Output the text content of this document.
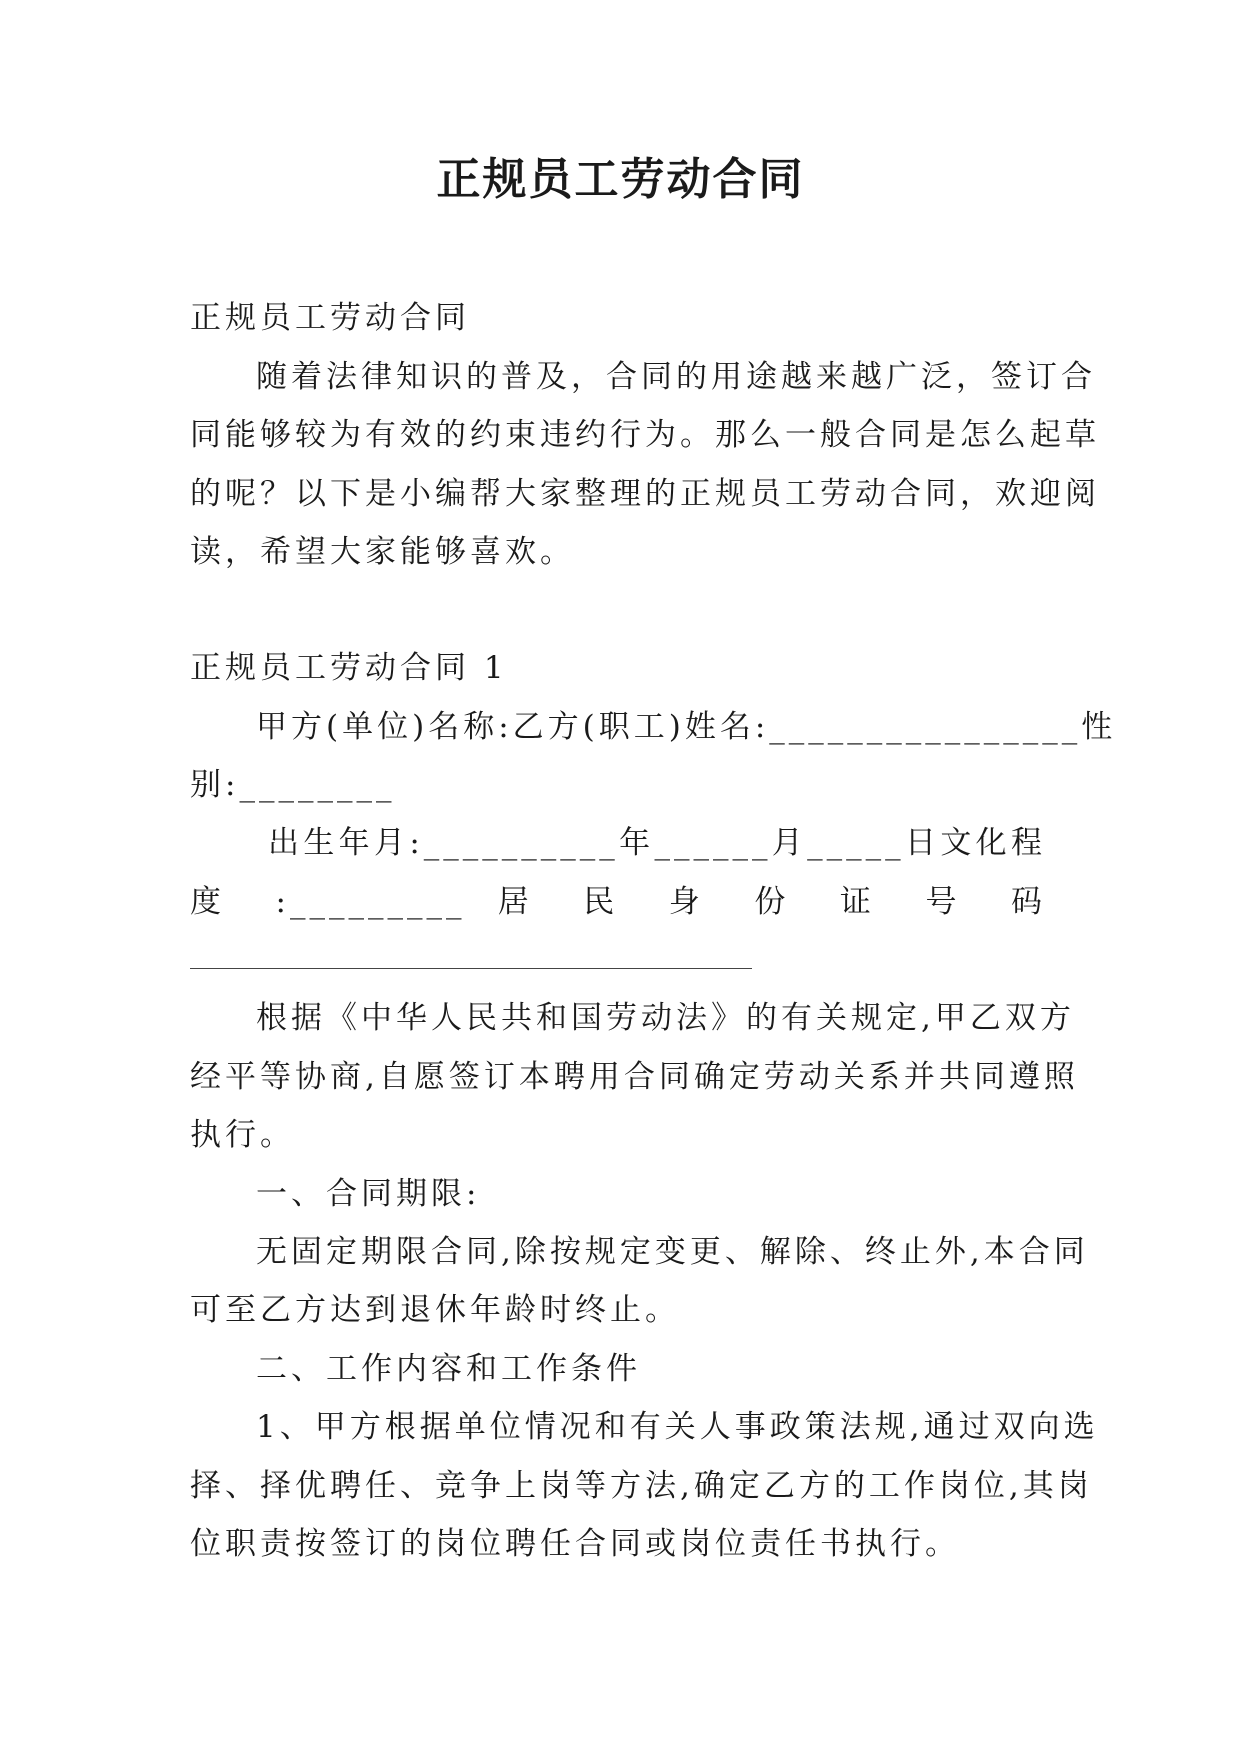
正规员工劳动合同
正规员工劳动合同
随着法律知识的普及，合同的用途越来越广泛，签订合
同能够较为有效的约束违约行为。那么一般合同是怎么起草
的呢？以下是小编帮大家整理的正规员工劳动合同，欢迎阅
读，希望大家能够喜欢。
正规员工劳动合同 1
甲方(单位)名称:乙方(职工)姓名:________________性
别:________
出生年月:__________年______月_____日文化程
度 :_________ 居 民 身 份 证 号 码
根据《中华人民共和国劳动法》的有关规定,甲乙双方
经平等协商,自愿签订本聘用合同确定劳动关系并共同遵照
执行。
一、合同期限:
无固定期限合同,除按规定变更、解除、终止外,本合同
可至乙方达到退休年龄时终止。
二、工作内容和工作条件
1、甲方根据单位情况和有关人事政策法规,通过双向选
择、择优聘任、竞争上岗等方法,确定乙方的工作岗位,其岗
位职责按签订的岗位聘任合同或岗位责任书执行。
